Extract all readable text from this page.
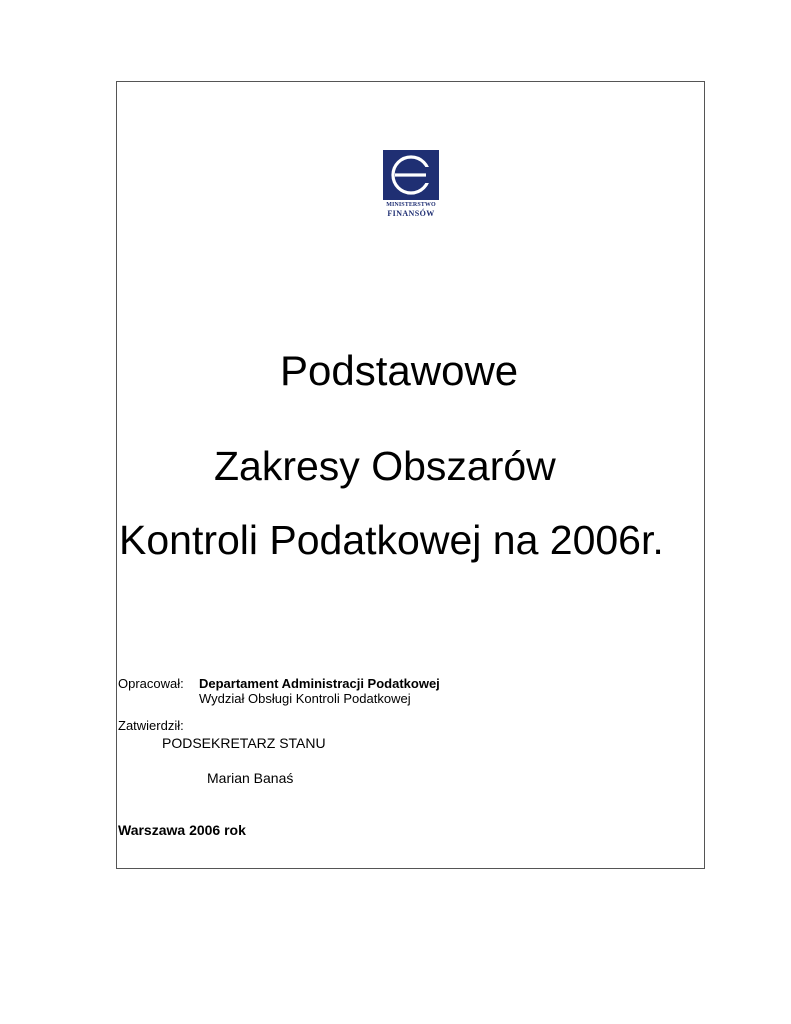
MINISTERSTWO
FINANSÓW
Podstawowe
Zakresy Obszarów
Kontroli Podatkowej na 2006r.
Opracował: Departament Administracji Podatkowej
Wydział Obsługi Kontroli Podatkowej
Zatwierdził:
PODSEKRETARZ STANU
Marian Banaś
Warszawa 2006 rok
